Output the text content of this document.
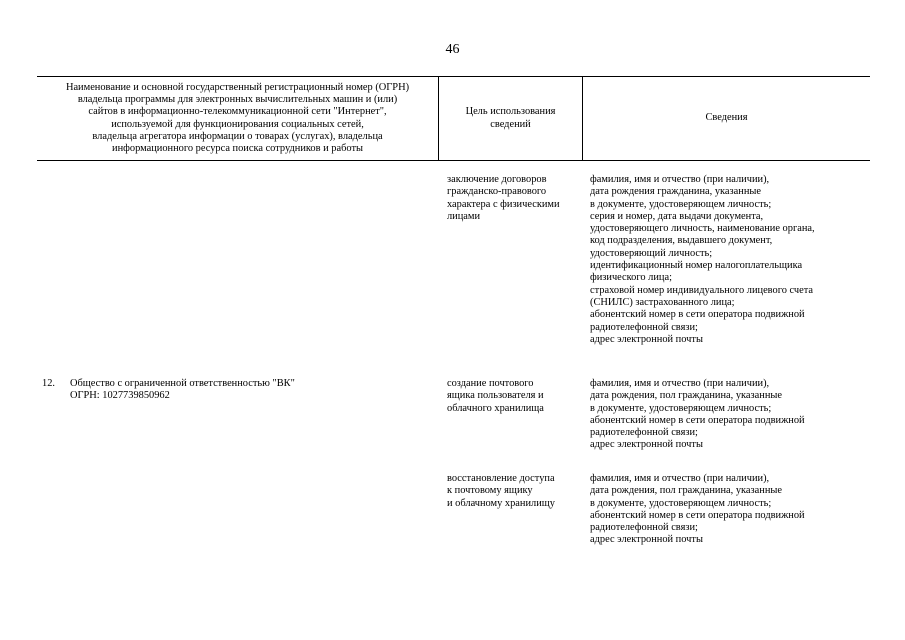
46
Наименование и основной государственный регистрационный номер (ОГРН)
владельца программы для электронных вычислительных машин и (или)
сайтов в информационно-телекоммуникационной сети "Интернет",
используемой для функционирования социальных сетей,
владельца агрегатора информации о товарах (услугах), владельца
информационного ресурса поиска сотрудников и работы
Цель использования
сведений
Сведения
заключение договоров
гражданско-правового
характера с физическими
лицами
фамилия, имя и отчество (при наличии),
дата рождения гражданина, указанные
в документе, удостоверяющем личность;
серия и номер, дата выдачи документа,
удостоверяющего личность, наименование органа,
код подразделения, выдавшего документ,
удостоверяющий личность;
идентификационный номер налогоплательщика
физического лица;
страховой номер индивидуального лицевого счета
(СНИЛС) застрахованного лица;
абонентский номер в сети оператора подвижной
радиотелефонной связи;
адрес электронной почты
12.	Общество с ограниченной ответственностью "ВК"
ОГРН: 1027739850962
создание почтового
ящика пользователя и
облачного хранилища
фамилия, имя и отчество (при наличии),
дата рождения, пол гражданина, указанные
в документе, удостоверяющем личность;
абонентский номер в сети оператора подвижной
радиотелефонной связи;
адрес электронной почты
восстановление доступа
к почтовому ящику
и облачному хранилищу
фамилия, имя и отчество (при наличии),
дата рождения, пол гражданина, указанные
в документе, удостоверяющем личность;
абонентский номер в сети оператора подвижной
радиотелефонной связи;
адрес электронной почты
